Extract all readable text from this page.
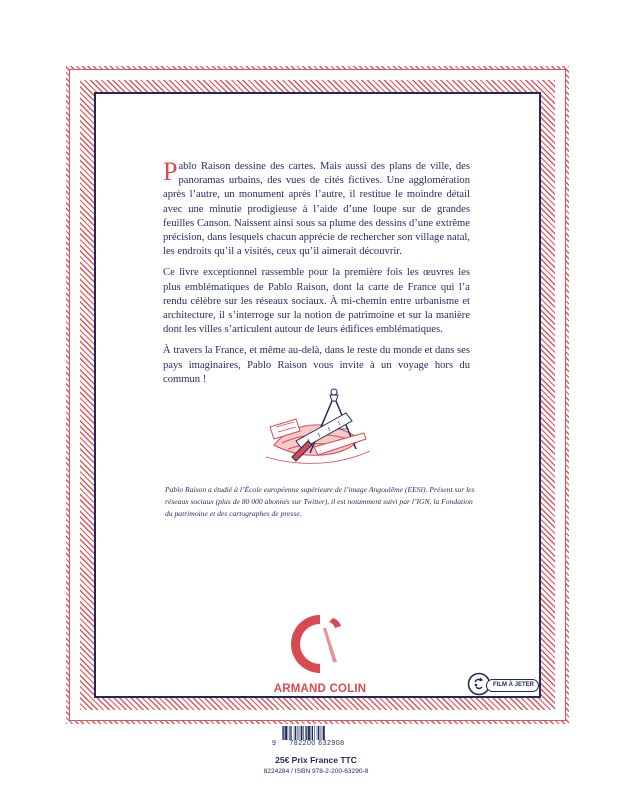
Pablo Raison dessine des cartes. Mais aussi des plans de ville, des panoramas urbains, des vues de cités fictives. Une agglomération après l’autre, un monument après l’autre, il restitue le moindre détail avec une minutie prodigieuse à l’aide d’une loupe sur de grandes feuilles Canson. Naissent ainsi sous sa plume des dessins d’une extrême précision, dans lesquels chacun apprécie de rechercher son village natal, les endroits qu’il a visités, ceux qu’il aimerait découvrir.

Ce livre exceptionnel rassemble pour la première fois les œuvres les plus emblématiques de Pablo Raison, dont la carte de France qui l’a rendu célèbre sur les réseaux sociaux. À mi-chemin entre urbanisme et architecture, il s’interroge sur la notion de patrimoine et sur la manière dont les villes s’articulent autour de leurs édifices emblématiques.

À travers la France, et même au-delà, dans le reste du monde et dans ses pays imaginaires, Pablo Raison vous invite à un voyage hors du commun !

Pablo Raison a étudié à l’École européenne supérieure de l’image Angoulême (EESI). Présent sur les réseaux sociaux (plus de 80 000 abonnés sur Twitter), il est notamment suivi par l’IGN, la Fondation du patrimoine et des cartographes de presse.
ARMAND COLIN	FILM À JETER
9	782200 632908
25€ Prix France TTC
8224284 / ISBN 978-2-200-63290-8
